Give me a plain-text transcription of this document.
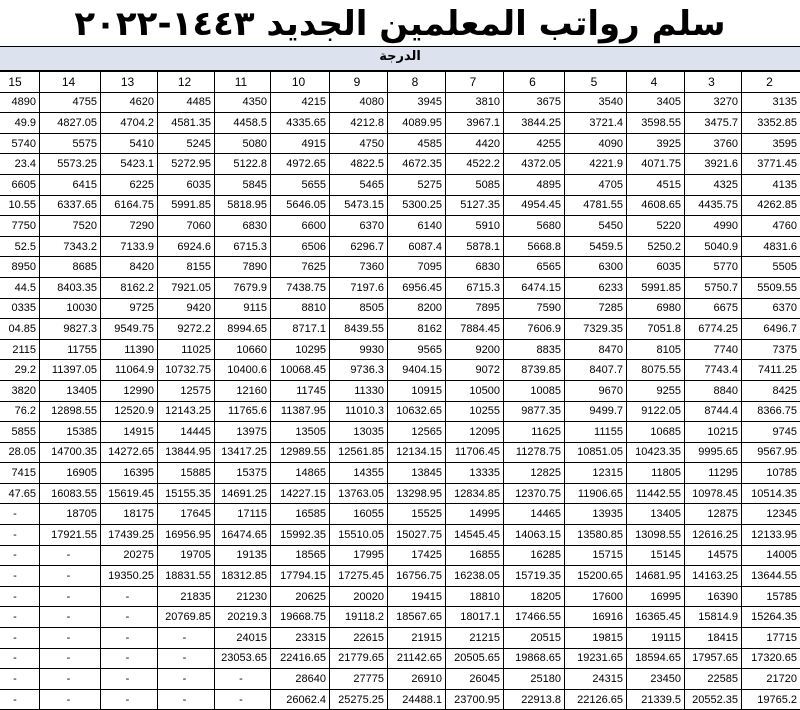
سلم رواتب المعلمين الجديد ١٤٤٣-٢٠٢٢
الدرجة
15	14	13	12	11	10	9	8	7	6	5	4	3	2
4890	4755	4620	4485	4350	4215	4080	3945	3810	3675	3540	3405	3270	3135
49.9	4827.05	4704.2	4581.35	4458.5	4335.65	4212.8	4089.95	3967.1	3844.25	3721.4	3598.55	3475.7	3352.85
5740	5575	5410	5245	5080	4915	4750	4585	4420	4255	4090	3925	3760	3595
23.4	5573.25	5423.1	5272.95	5122.8	4972.65	4822.5	4672.35	4522.2	4372.05	4221.9	4071.75	3921.6	3771.45
6605	6415	6225	6035	5845	5655	5465	5275	5085	4895	4705	4515	4325	4135
10.55	6337.65	6164.75	5991.85	5818.95	5646.05	5473.15	5300.25	5127.35	4954.45	4781.55	4608.65	4435.75	4262.85
7750	7520	7290	7060	6830	6600	6370	6140	5910	5680	5450	5220	4990	4760
52.5	7343.2	7133.9	6924.6	6715.3	6506	6296.7	6087.4	5878.1	5668.8	5459.5	5250.2	5040.9	4831.6
8950	8685	8420	8155	7890	7625	7360	7095	6830	6565	6300	6035	5770	5505
44.5	8403.35	8162.2	7921.05	7679.9	7438.75	7197.6	6956.45	6715.3	6474.15	6233	5991.85	5750.7	5509.55
0335	10030	9725	9420	9115	8810	8505	8200	7895	7590	7285	6980	6675	6370
04.85	9827.3	9549.75	9272.2	8994.65	8717.1	8439.55	8162	7884.45	7606.9	7329.35	7051.8	6774.25	6496.7
2115	11755	11390	11025	10660	10295	9930	9565	9200	8835	8470	8105	7740	7375
29.2	11397.05	11064.9	10732.75	10400.6	10068.45	9736.3	9404.15	9072	8739.85	8407.7	8075.55	7743.4	7411.25
3820	13405	12990	12575	12160	11745	11330	10915	10500	10085	9670	9255	8840	8425
76.2	12898.55	12520.9	12143.25	11765.6	11387.95	11010.3	10632.65	10255	9877.35	9499.7	9122.05	8744.4	8366.75
5855	15385	14915	14445	13975	13505	13035	12565	12095	11625	11155	10685	10215	9745
28.05	14700.35	14272.65	13844.95	13417.25	12989.55	12561.85	12134.15	11706.45	11278.75	10851.05	10423.35	9995.65	9567.95
7415	16905	16395	15885	15375	14865	14355	13845	13335	12825	12315	11805	11295	10785
47.65	16083.55	15619.45	15155.35	14691.25	14227.15	13763.05	13298.95	12834.85	12370.75	11906.65	11442.55	10978.45	10514.35
-	18705	18175	17645	17115	16585	16055	15525	14995	14465	13935	13405	12875	12345
-	17921.55	17439.25	16956.95	16474.65	15992.35	15510.05	15027.75	14545.45	14063.15	13580.85	13098.55	12616.25	12133.95
-	-	20275	19705	19135	18565	17995	17425	16855	16285	15715	15145	14575	14005
-	-	19350.25	18831.55	18312.85	17794.15	17275.45	16756.75	16238.05	15719.35	15200.65	14681.95	14163.25	13644.55
-	-	-	21835	21230	20625	20020	19415	18810	18205	17600	16995	16390	15785
-	-	-	20769.85	20219.3	19668.75	19118.2	18567.65	18017.1	17466.55	16916	16365.45	15814.9	15264.35
-	-	-	-	24015	23315	22615	21915	21215	20515	19815	19115	18415	17715
-	-	-	-	23053.65	22416.65	21779.65	21142.65	20505.65	19868.65	19231.65	18594.65	17957.65	17320.65
-	-	-	-	-	28640	27775	26910	26045	25180	24315	23450	22585	21720
-	-	-	-	-	26062.4	25275.25	24488.1	23700.95	22913.8	22126.65	21339.5	20552.35	19765.2
